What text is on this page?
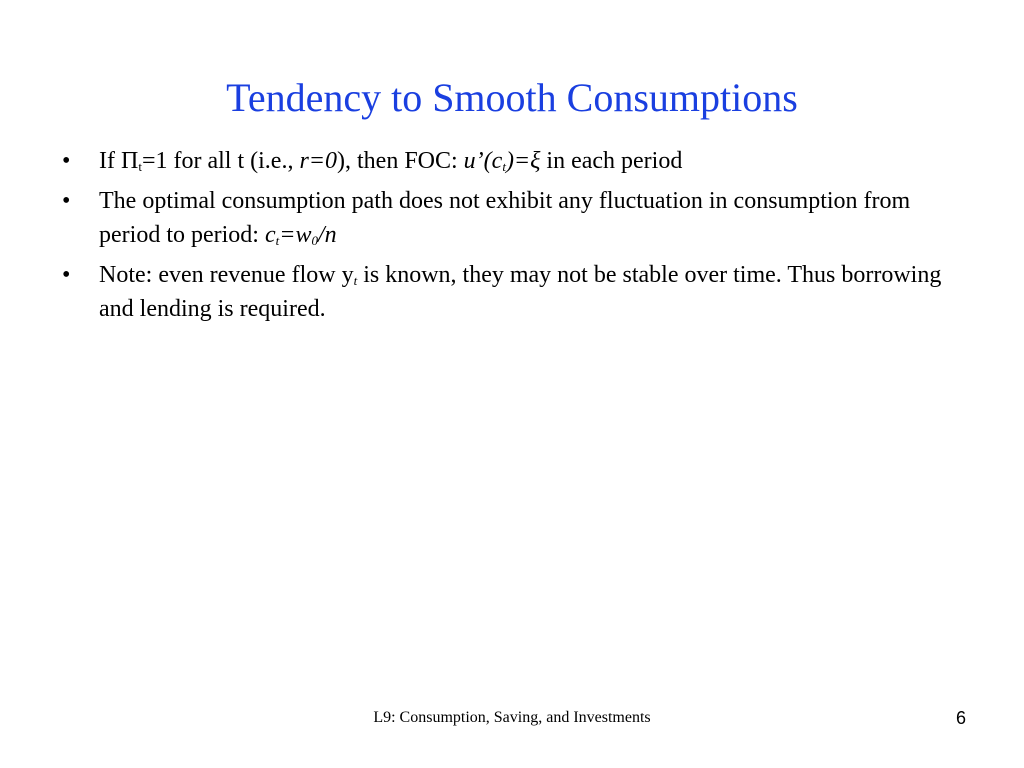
Tendency to Smooth Consumptions
•	If $\Pi_t=1$ for all t (i.e., r=0), then FOC: $u’(c_t)=\xi$ in each period
•	The optimal consumption path does not exhibit any fluctuation in consumption from period to period: $c_t=w_0/n$
•	Note: even revenue flow $y_t$ is known, they may not be stable over time. Thus borrowing and lending is required.
L9: Consumption, Saving, and Investments	6
